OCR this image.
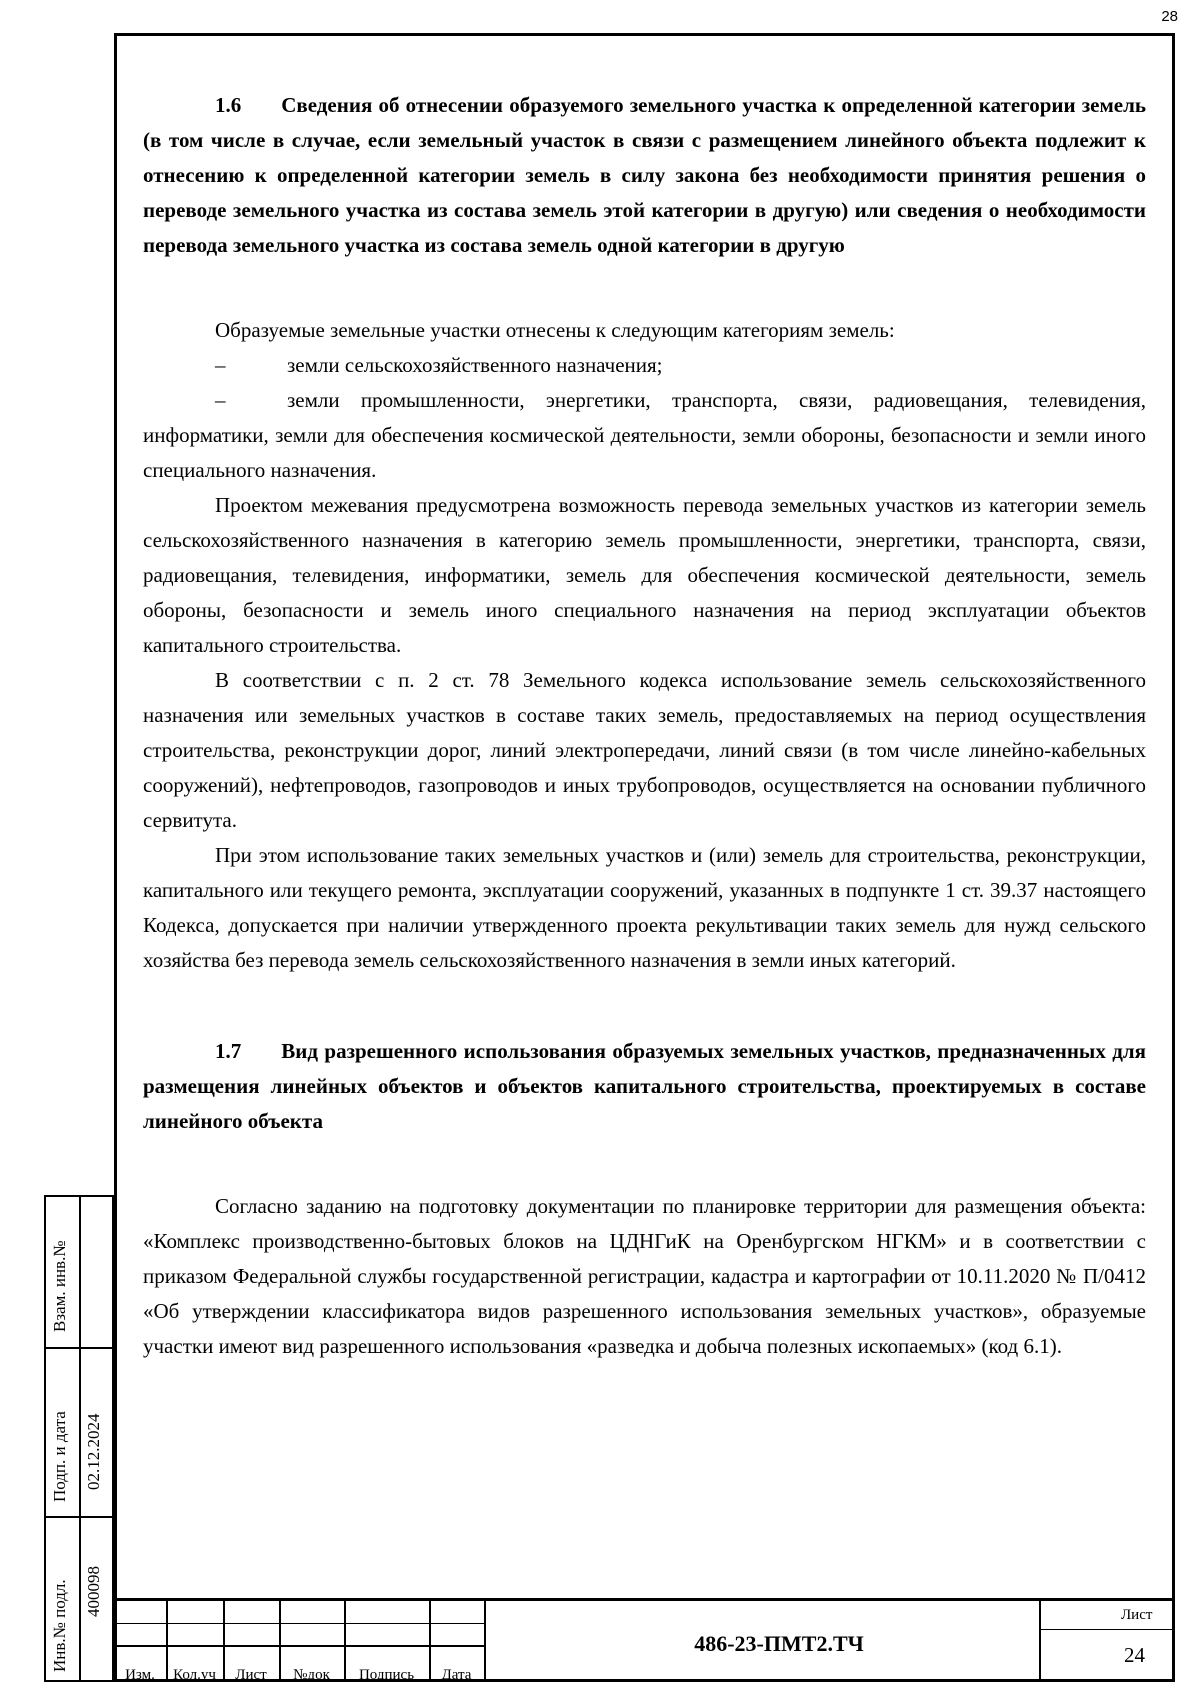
28

1.6 Сведения об отнесении образуемого земельного участка к определенной категории земель (в том числе в случае, если земельный участок в связи с размещением линейного объекта подлежит к отнесению к определенной категории земель в силу закона без необходимости принятия решения о переводе земельного участка из состава земель этой категории в другую) или сведения о необходимости перевода земельного участка из состава земель одной категории в другую

Образуемые земельные участки отнесены к следующим категориям земель:

–	земли сельскохозяйственного назначения;

–	земли промышленности, энергетики, транспорта, связи, радиовещания, телевидения, информатики, земли для обеспечения космической деятельности, земли обороны, безопасности и земли иного специального назначения.

Проектом межевания предусмотрена возможность перевода земельных участков из категории земель сельскохозяйственного назначения в категорию земель промышленности, энергетики, транспорта, связи, радиовещания, телевидения, информатики, земель для обеспечения космической деятельности, земель обороны, безопасности и земель иного специального назначения на период эксплуатации объектов капитального строительства.

В соответствии с п. 2 ст. 78 Земельного кодекса использование земель сельскохозяйственного назначения или земельных участков в составе таких земель, предоставляемых на период осуществления строительства, реконструкции дорог, линий электропередачи, линий связи (в том числе линейно-кабельных сооружений), нефтепроводов, газопроводов и иных трубопроводов, осуществляется на основании публичного сервитута.

При этом использование таких земельных участков и (или) земель для строительства, реконструкции, капитального или текущего ремонта, эксплуатации сооружений, указанных в подпункте 1 ст. 39.37 настоящего Кодекса, допускается при наличии утвержденного проекта рекультивации таких земель для нужд сельского хозяйства без перевода земель сельскохозяйственного назначения в земли иных категорий.

1.7 Вид разрешенного использования образуемых земельных участков, предназначенных для размещения линейных объектов и объектов капитального строительства, проектируемых в составе линейного объекта

Согласно заданию на подготовку документации по планировке территории для размещения объекта: «Комплекс производственно-бытовых блоков на ЦДНГиК на Оренбургском НГКМ» и в соответствии с приказом Федеральной службы государственной регистрации, кадастра и картографии от 10.11.2020 № П/0412 «Об утверждении классификатора видов разрешенного использования земельных участков», образуемые участки имеют вид разрешенного использования «разведка и добыча полезных ископаемых» (код 6.1).

Взам. инв.№
Подп. и дата 02.12.2024
Инв.№ подл. 400098
Изм.	Кол.уч	Лист	№док	Подпись	Дата
486-23-ПМТ2.ТЧ
Лист
24
